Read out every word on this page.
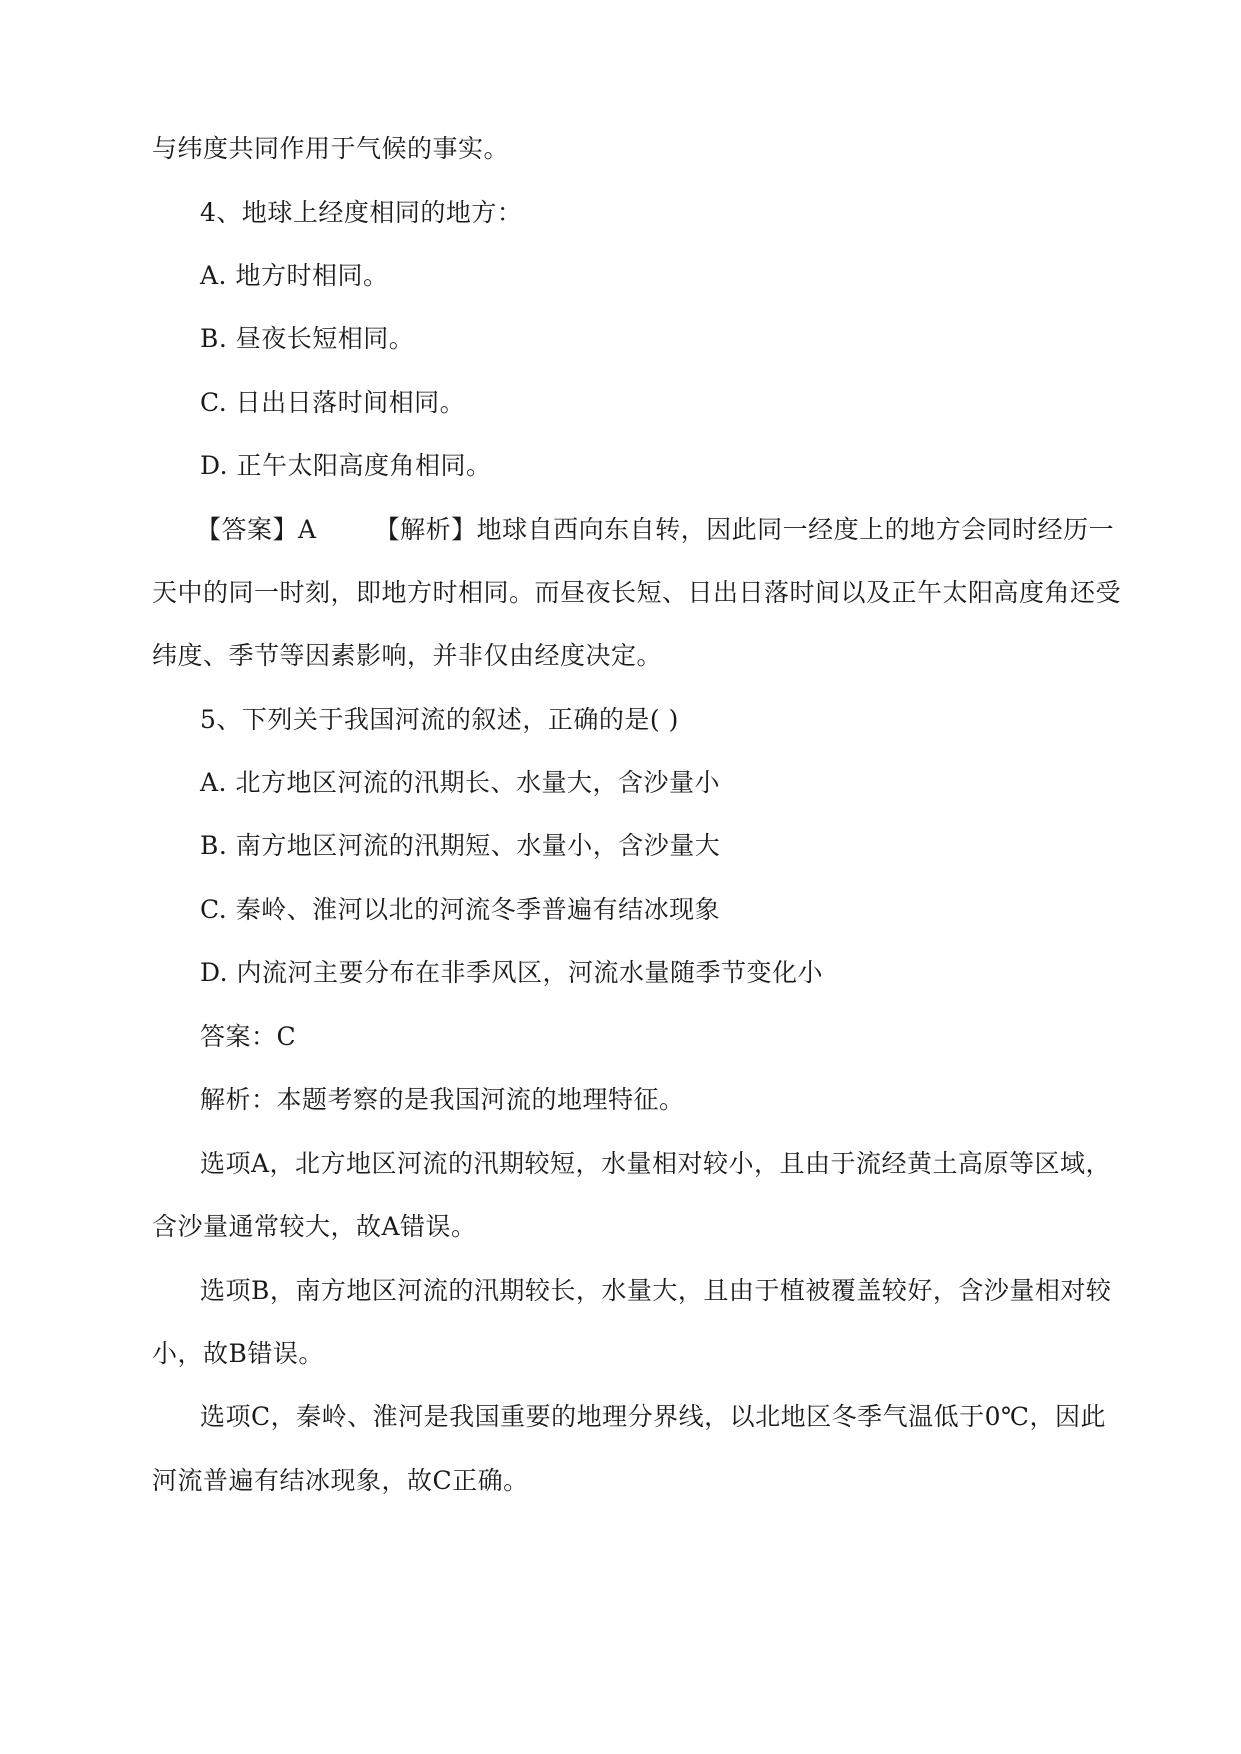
与纬度共同作用于气候的事实。
4、地球上经度相同的地方：
A. 地方时相同。
B. 昼夜长短相同。
C. 日出日落时间相同。
D. 正午太阳高度角相同。
【答案】A 【解析】地球自西向东自转，因此同一经度上的地方会同时经历一
天中的同一时刻，即地方时相同。而昼夜长短、日出日落时间以及正午太阳高度角还受
纬度、季节等因素影响，并非仅由经度决定。
5、下列关于我国河流的叙述，正确的是( )
A. 北方地区河流的汛期长、水量大，含沙量小
B. 南方地区河流的汛期短、水量小，含沙量大
C. 秦岭、淮河以北的河流冬季普遍有结冰现象
D. 内流河主要分布在非季风区，河流水量随季节变化小
答案：C
解析：本题考察的是我国河流的地理特征。
选项A，北方地区河流的汛期较短，水量相对较小，且由于流经黄土高原等区域，
含沙量通常较大，故A错误。
选项B，南方地区河流的汛期较长，水量大，且由于植被覆盖较好，含沙量相对较
小，故B错误。
选项C，秦岭、淮河是我国重要的地理分界线，以北地区冬季气温低于0℃，因此
河流普遍有结冰现象，故C正确。
